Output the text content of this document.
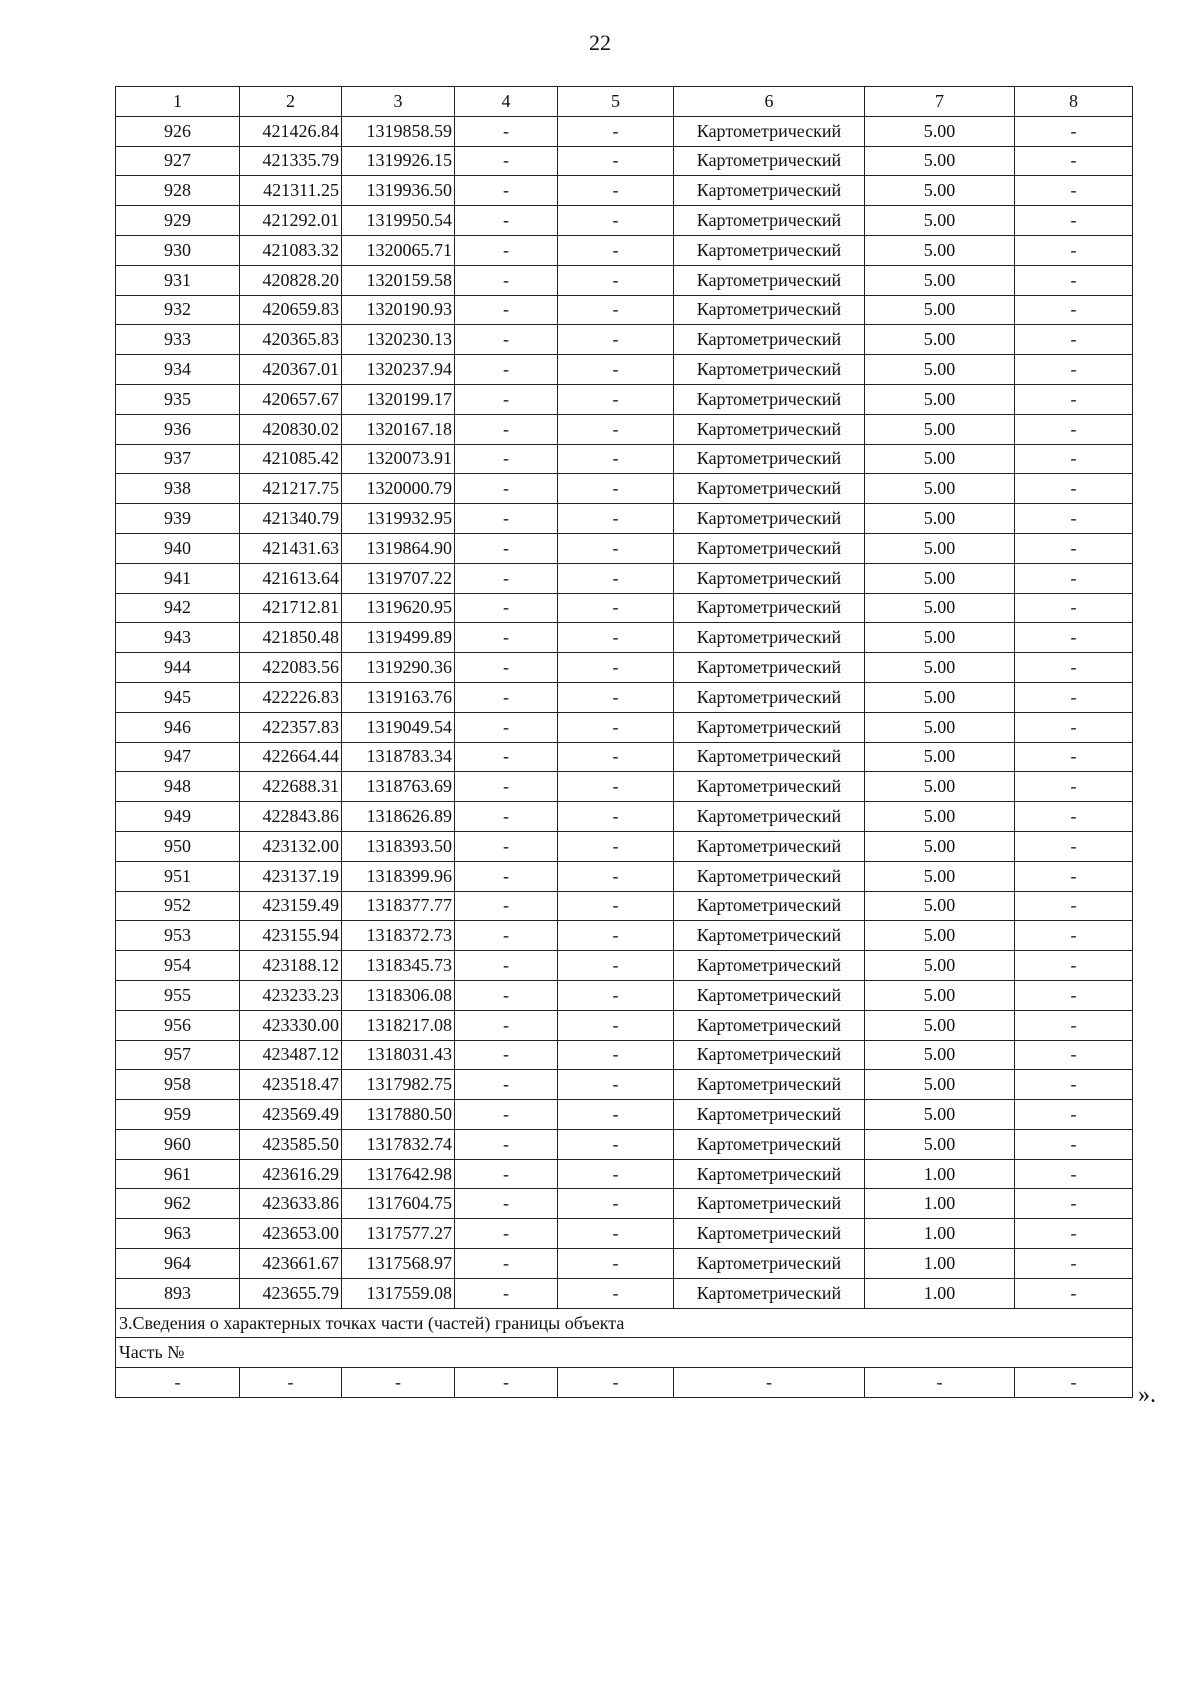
22
1	2	3	4	5	6	7	8
926	421426.84	1319858.59	-	-	Картометрический	5.00	-
927	421335.79	1319926.15	-	-	Картометрический	5.00	-
928	421311.25	1319936.50	-	-	Картометрический	5.00	-
929	421292.01	1319950.54	-	-	Картометрический	5.00	-
930	421083.32	1320065.71	-	-	Картометрический	5.00	-
931	420828.20	1320159.58	-	-	Картометрический	5.00	-
932	420659.83	1320190.93	-	-	Картометрический	5.00	-
933	420365.83	1320230.13	-	-	Картометрический	5.00	-
934	420367.01	1320237.94	-	-	Картометрический	5.00	-
935	420657.67	1320199.17	-	-	Картометрический	5.00	-
936	420830.02	1320167.18	-	-	Картометрический	5.00	-
937	421085.42	1320073.91	-	-	Картометрический	5.00	-
938	421217.75	1320000.79	-	-	Картометрический	5.00	-
939	421340.79	1319932.95	-	-	Картометрический	5.00	-
940	421431.63	1319864.90	-	-	Картометрический	5.00	-
941	421613.64	1319707.22	-	-	Картометрический	5.00	-
942	421712.81	1319620.95	-	-	Картометрический	5.00	-
943	421850.48	1319499.89	-	-	Картометрический	5.00	-
944	422083.56	1319290.36	-	-	Картометрический	5.00	-
945	422226.83	1319163.76	-	-	Картометрический	5.00	-
946	422357.83	1319049.54	-	-	Картометрический	5.00	-
947	422664.44	1318783.34	-	-	Картометрический	5.00	-
948	422688.31	1318763.69	-	-	Картометрический	5.00	-
949	422843.86	1318626.89	-	-	Картометрический	5.00	-
950	423132.00	1318393.50	-	-	Картометрический	5.00	-
951	423137.19	1318399.96	-	-	Картометрический	5.00	-
952	423159.49	1318377.77	-	-	Картометрический	5.00	-
953	423155.94	1318372.73	-	-	Картометрический	5.00	-
954	423188.12	1318345.73	-	-	Картометрический	5.00	-
955	423233.23	1318306.08	-	-	Картометрический	5.00	-
956	423330.00	1318217.08	-	-	Картометрический	5.00	-
957	423487.12	1318031.43	-	-	Картометрический	5.00	-
958	423518.47	1317982.75	-	-	Картометрический	5.00	-
959	423569.49	1317880.50	-	-	Картометрический	5.00	-
960	423585.50	1317832.74	-	-	Картометрический	5.00	-
961	423616.29	1317642.98	-	-	Картометрический	1.00	-
962	423633.86	1317604.75	-	-	Картометрический	1.00	-
963	423653.00	1317577.27	-	-	Картометрический	1.00	-
964	423661.67	1317568.97	-	-	Картометрический	1.00	-
893	423655.79	1317559.08	-	-	Картометрический	1.00	-
3.Сведения о характерных точках части (частей) границы объекта							
Часть №							
-	-	-	-	-	-	-	-	».
